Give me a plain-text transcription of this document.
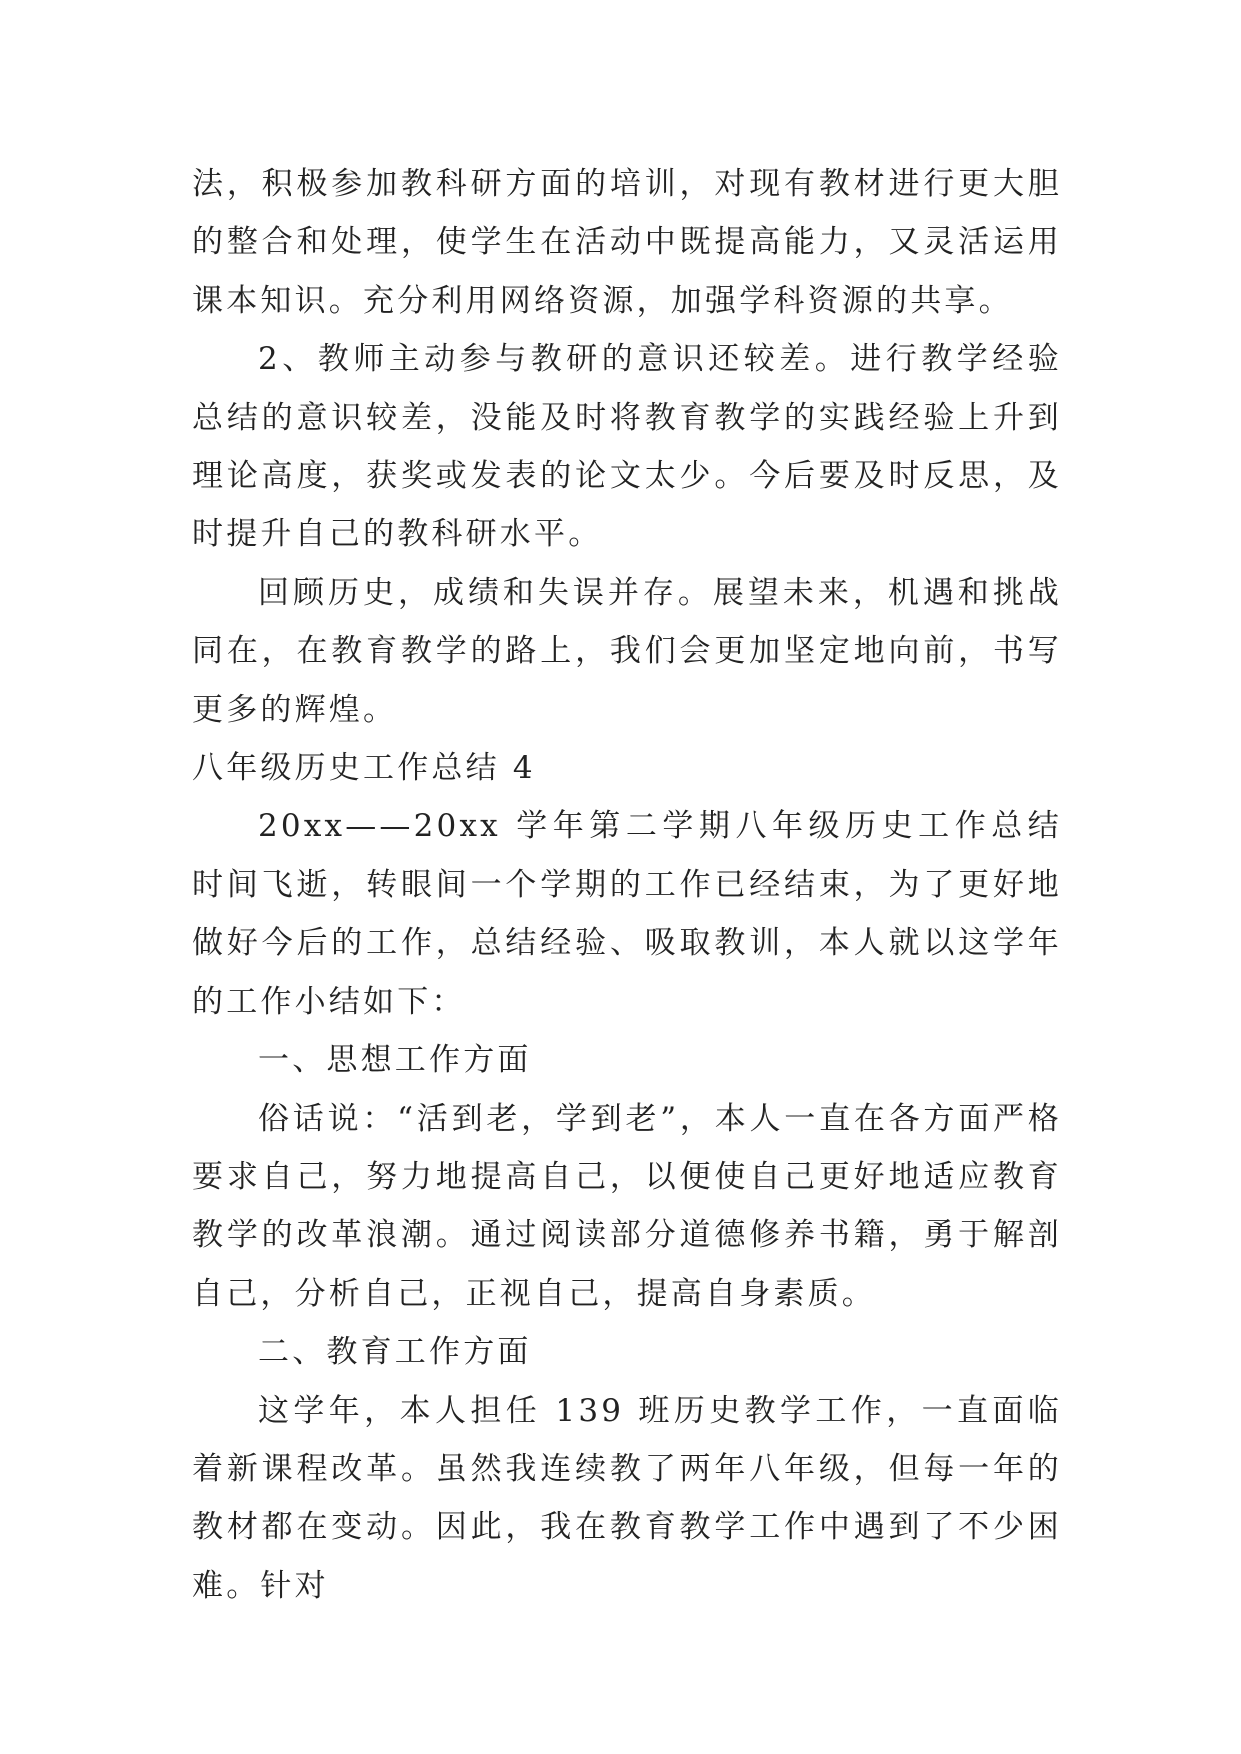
法，积极参加教科研方面的培训，对现有教材进行更大胆的整合和处理，使学生在活动中既提高能力，又灵活运用课本知识。充分利用网络资源，加强学科资源的共享。

2、教师主动参与教研的意识还较差。进行教学经验总结的意识较差，没能及时将教育教学的实践经验上升到理论高度，获奖或发表的论文太少。今后要及时反思，及时提升自己的教科研水平。

回顾历史，成绩和失误并存。展望未来，机遇和挑战同在，在教育教学的路上，我们会更加坚定地向前，书写更多的辉煌。

八年级历史工作总结 4

20xx——20xx 学年第二学期八年级历史工作总结 时间飞逝，转眼间一个学期的工作已经结束，为了更好地做好今后的工作，总结经验、吸取教训，本人就以这学年的工作小结如下：

一、思想工作方面

俗话说：“活到老，学到老”，本人一直在各方面严格要求自己，努力地提高自己，以便使自己更好地适应教育教学的改革浪潮。通过阅读部分道德修养书籍，勇于解剖自己，分析自己，正视自己，提高自身素质。

二、教育工作方面

这学年，本人担任 139 班历史教学工作，一直面临着新课程改革。虽然我连续教了两年八年级，但每一年的教材都在变动。因此，我在教育教学工作中遇到了不少困难。针对
